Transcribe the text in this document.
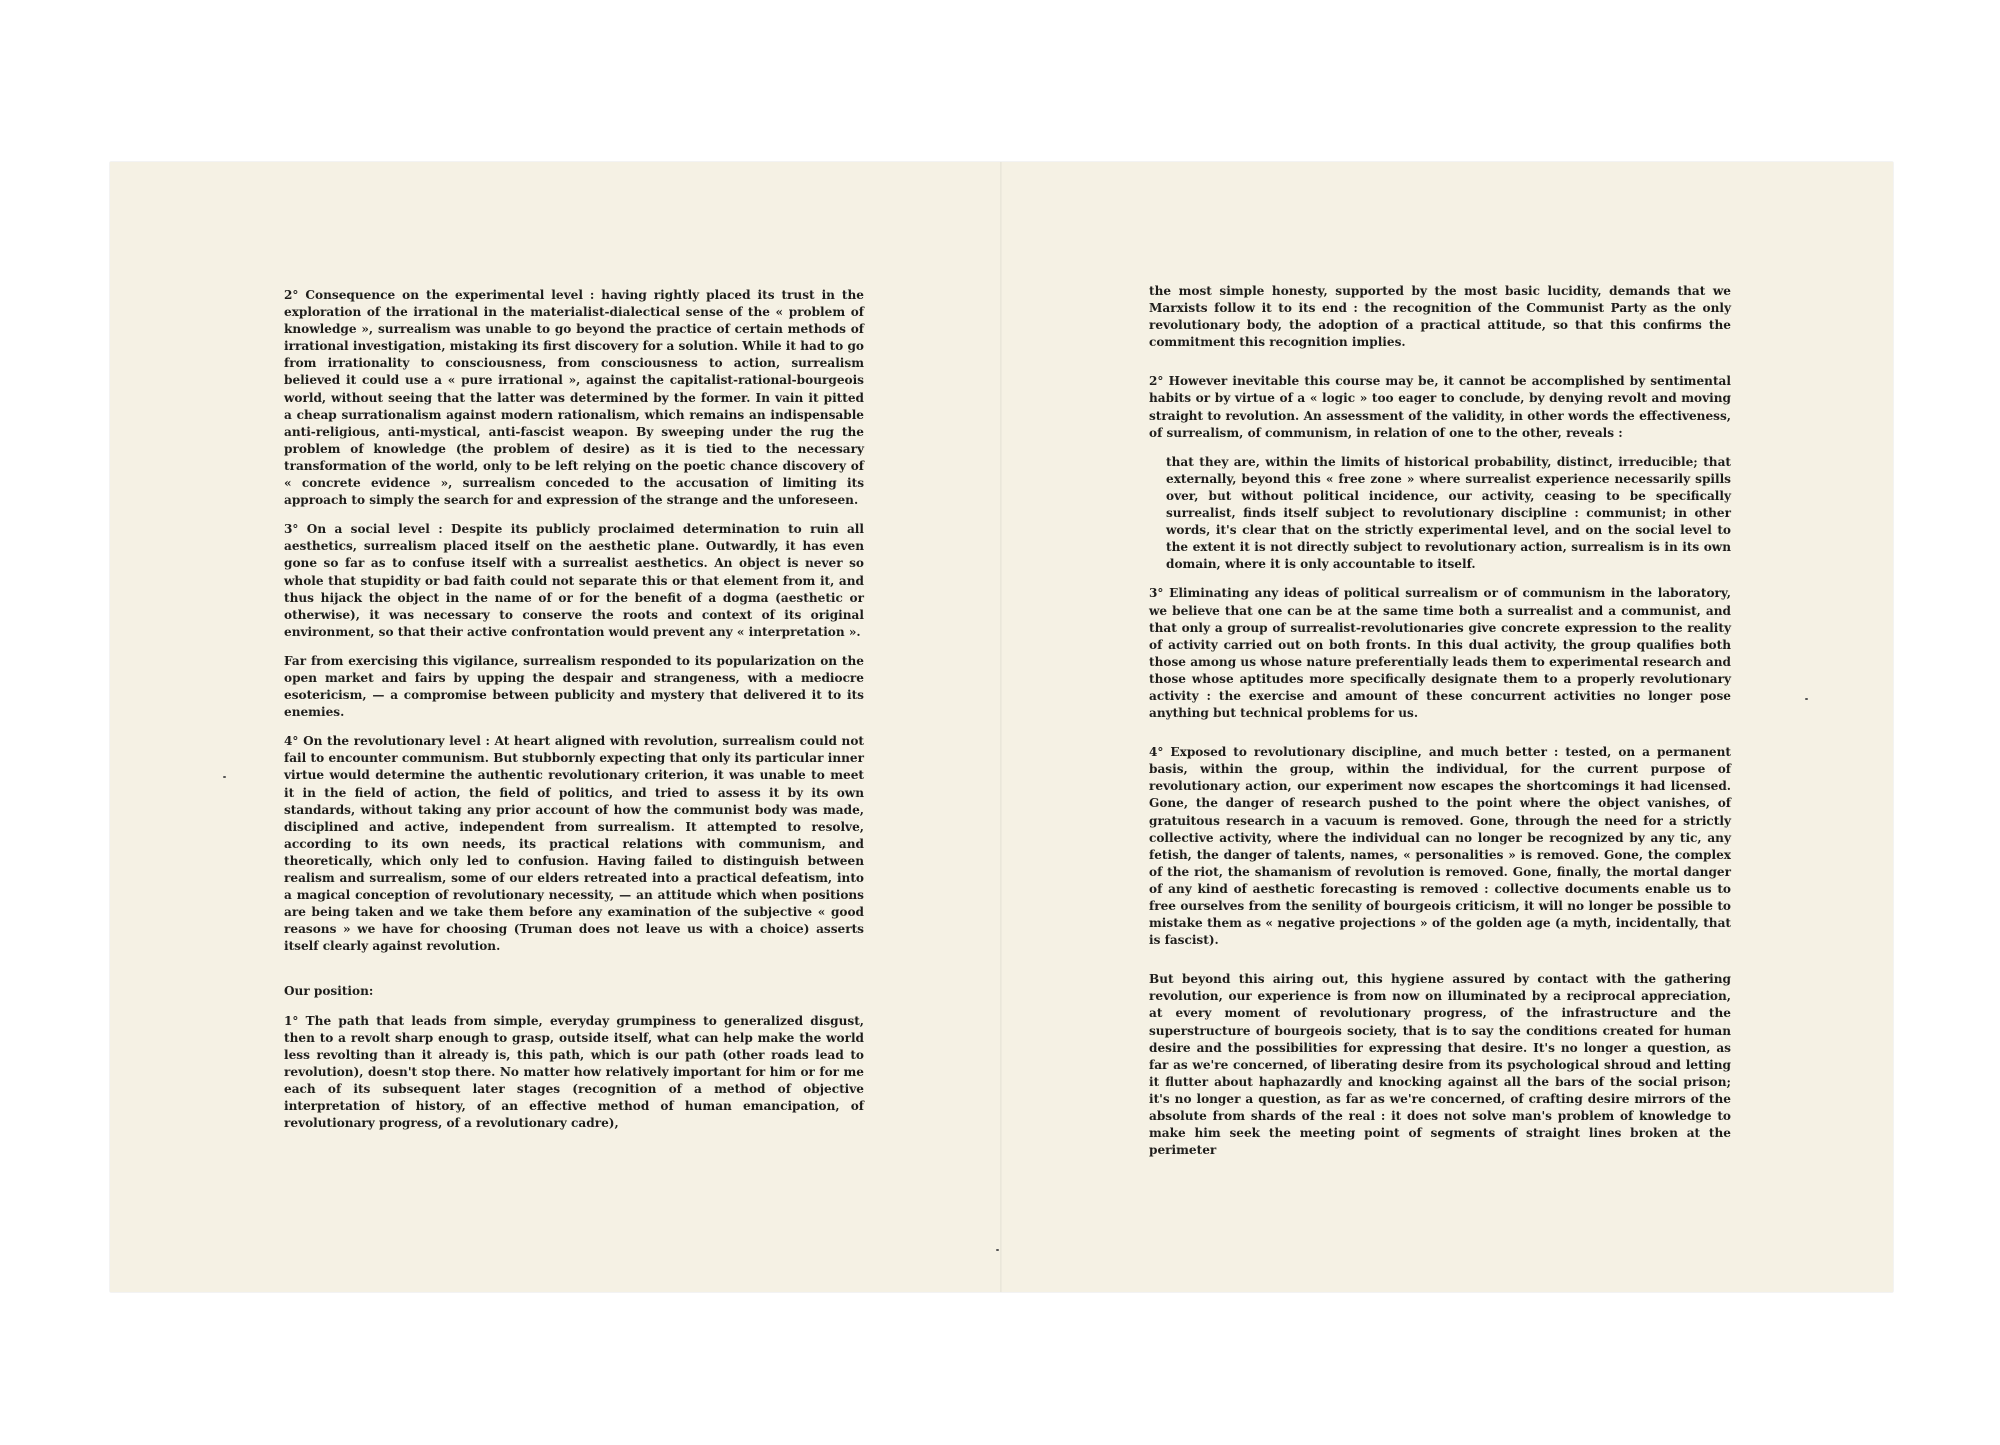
2° Consequence on the experimental level : having rightly placed its trust in the exploration of the irrational in the materialist-dialectical sense of the « problem of knowledge », surrealism was unable to go beyond the practice of certain methods of irrational investigation, mistaking its first discovery for a solution. While it had to go from irrationality to consciousness, from consciousness to action, surrealism believed it could use a « pure irrational », against the capitalist-rational-bourgeois world, without seeing that the latter was determined by the former. In vain it pitted a cheap surrationalism against modern rationalism, which remains an indispensable anti-religious, anti-mystical, anti-fascist weapon. By sweeping under the rug the problem of knowledge (the problem of desire) as it is tied to the necessary transformation of the world, only to be left relying on the poetic chance discovery of « concrete evidence », surrealism conceded to the accusation of limiting its approach to simply the search for and expression of the strange and the unforeseen.

3° On a social level : Despite its publicly proclaimed determination to ruin all aesthetics, surrealism placed itself on the aesthetic plane. Outwardly, it has even gone so far as to confuse itself with a surrealist aesthetics. An object is never so whole that stupidity or bad faith could not separate this or that element from it, and thus hijack the object in the name of or for the benefit of a dogma (aesthetic or otherwise), it was necessary to conserve the roots and context of its original environment, so that their active confrontation would prevent any « interpretation ».

Far from exercising this vigilance, surrealism responded to its popularization on the open market and fairs by upping the despair and strangeness, with a mediocre esotericism, — a compromise between publicity and mystery that delivered it to its enemies.

4° On the revolutionary level : At heart aligned with revolution, surrealism could not fail to encounter communism. But stubbornly expecting that only its particular inner virtue would determine the authentic revolutionary criterion, it was unable to meet it in the field of action, the field of politics, and tried to assess it by its own standards, without taking any prior account of how the communist body was made, disciplined and active, independent from surrealism. It attempted to resolve, according to its own needs, its practical relations with communism, and theoretically, which only led to confusion. Having failed to distinguish between realism and surrealism, some of our elders retreated into a practical defeatism, into a magical conception of revolutionary necessity, — an attitude which when positions are being taken and we take them before any examination of the subjective « good reasons » we have for choosing (Truman does not leave us with a choice) asserts itself clearly against revolution.

Our position:

1° The path that leads from simple, everyday grumpiness to generalized disgust, then to a revolt sharp enough to grasp, outside itself, what can help make the world less revolting than it already is, this path, which is our path (other roads lead to revolution), doesn't stop there. No matter how relatively important for him or for me each of its subsequent later stages (recognition of a method of objective interpretation of history, of an effective method of human emancipation, of revolutionary progress, of a revolutionary cadre),

the most simple honesty, supported by the most basic lucidity, demands that we Marxists follow it to its end : the recognition of the Communist Party as the only revolutionary body, the adoption of a practical attitude, so that this confirms the commitment this recognition implies.

2° However inevitable this course may be, it cannot be accomplished by sentimental habits or by virtue of a « logic » too eager to conclude, by denying revolt and moving straight to revolution. An assessment of the validity, in other words the effectiveness, of surrealism, of communism, in relation of one to the other, reveals :

that they are, within the limits of historical probability, distinct, irreducible; that externally, beyond this « free zone » where surrealist experience necessarily spills over, but without political incidence, our activity, ceasing to be specifically surrealist, finds itself subject to revolutionary discipline : communist; in other words, it's clear that on the strictly experimental level, and on the social level to the extent it is not directly subject to revolutionary action, surrealism is in its own domain, where it is only accountable to itself.

3° Eliminating any ideas of political surrealism or of communism in the laboratory, we believe that one can be at the same time both a surrealist and a communist, and that only a group of surrealist-revolutionaries give concrete expression to the reality of activity carried out on both fronts. In this dual activity, the group qualifies both those among us whose nature preferentially leads them to experimental research and those whose aptitudes more specifically designate them to a properly revolutionary activity : the exercise and amount of these concurrent activities no longer pose anything but technical problems for us.

4° Exposed to revolutionary discipline, and much better : tested, on a permanent basis, within the group, within the individual, for the current purpose of revolutionary action, our experiment now escapes the shortcomings it had licensed. Gone, the danger of research pushed to the point where the object vanishes, of gratuitous research in a vacuum is removed. Gone, through the need for a strictly collective activity, where the individual can no longer be recognized by any tic, any fetish, the danger of talents, names, « personalities » is removed. Gone, the complex of the riot, the shamanism of revolution is removed. Gone, finally, the mortal danger of any kind of aesthetic forecasting is removed : collective documents enable us to free ourselves from the senility of bourgeois criticism, it will no longer be possible to mistake them as « negative projections » of the golden age (a myth, incidentally, that is fascist).

But beyond this airing out, this hygiene assured by contact with the gathering revolution, our experience is from now on illuminated by a reciprocal appreciation, at every moment of revolutionary progress, of the infrastructure and the superstructure of bourgeois society, that is to say the conditions created for human desire and the possibilities for expressing that desire. It's no longer a question, as far as we're concerned, of liberating desire from its psychological shroud and letting it flutter about haphazardly and knocking against all the bars of the social prison; it's no longer a question, as far as we're concerned, of crafting desire mirrors of the absolute from shards of the real : it does not solve man's problem of knowledge to make him seek the meeting point of segments of straight lines broken at the perimeter
